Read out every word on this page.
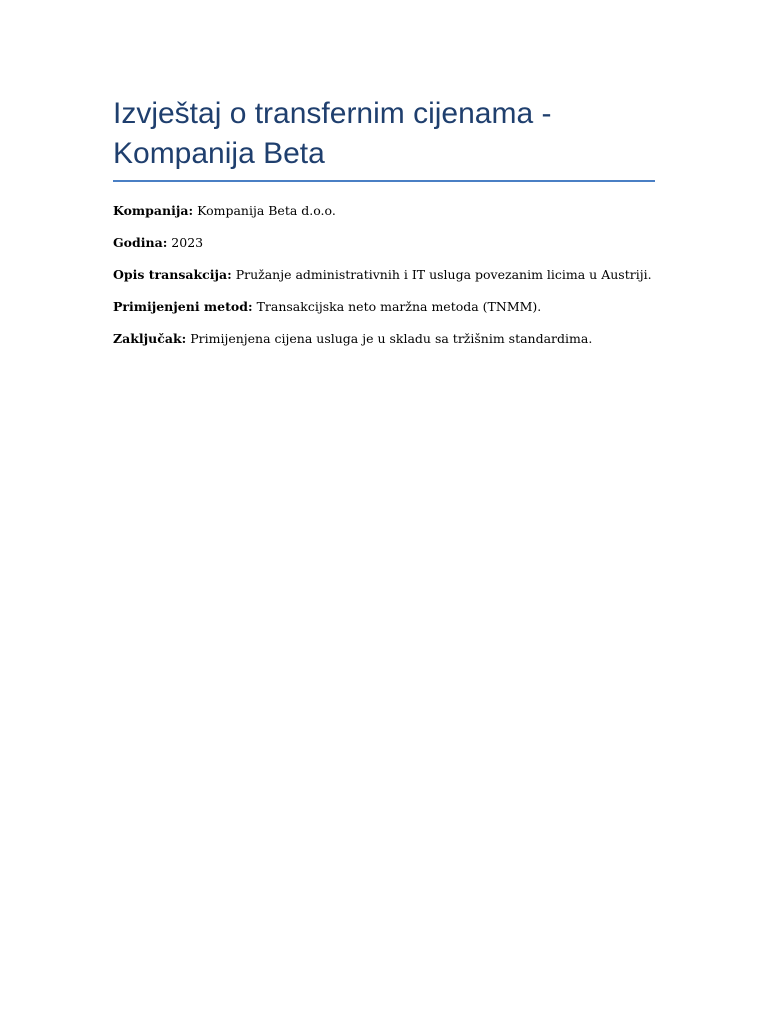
Izvještaj o transfernim cijenama - Kompanija Beta

Kompanija: Kompanija Beta d.o.o.

Godina: 2023

Opis transakcija: Pružanje administrativnih i IT usluga povezanim licima u Austriji.

Primijenjeni metod: Transakcijska neto maržna metoda (TNMM).

Zaključak: Primijenjena cijena usluga je u skladu sa tržišnim standardima.
